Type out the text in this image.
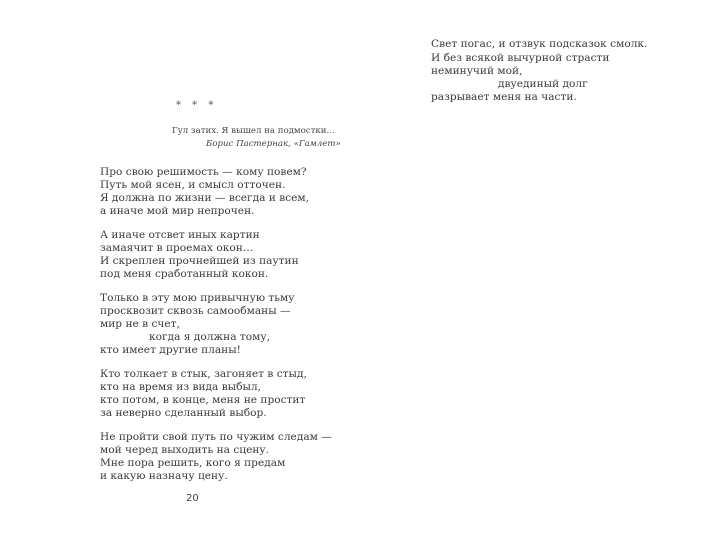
Свет погас, и отзвук подсказок смолк.
И без всякой вычурной страсти
неминучий мой,
двуединый долг
разрывает меня на части.
* * *
Гул затих. Я вышел на подмостки…
Борис Пастернак, «Гамлет»
Про свою решимость — кому повем?
Путь мой ясен, и смысл отточен.
Я должна по жизни — всегда и всем,
а иначе мой мир непрочен.
А иначе отсвет иных картин
замаячит в проемах окон…
И скреплен прочнейшей из паутин
под меня сработанный кокон.
Только в эту мою привычную тьму
просквозит сквозь самообманы —
мир не в счет,
когда я должна тому,
кто имеет другие планы!
Кто толкает в стык, загоняет в стыд,
кто на время из вида выбыл,
кто потом, в конце, меня не простит
за неверно сделанный выбор.
Не пройти свой путь по чужим следам —
мой черед выходить на сцену.
Мне пора решить, кого я предам
и какую назначу цену.
20
